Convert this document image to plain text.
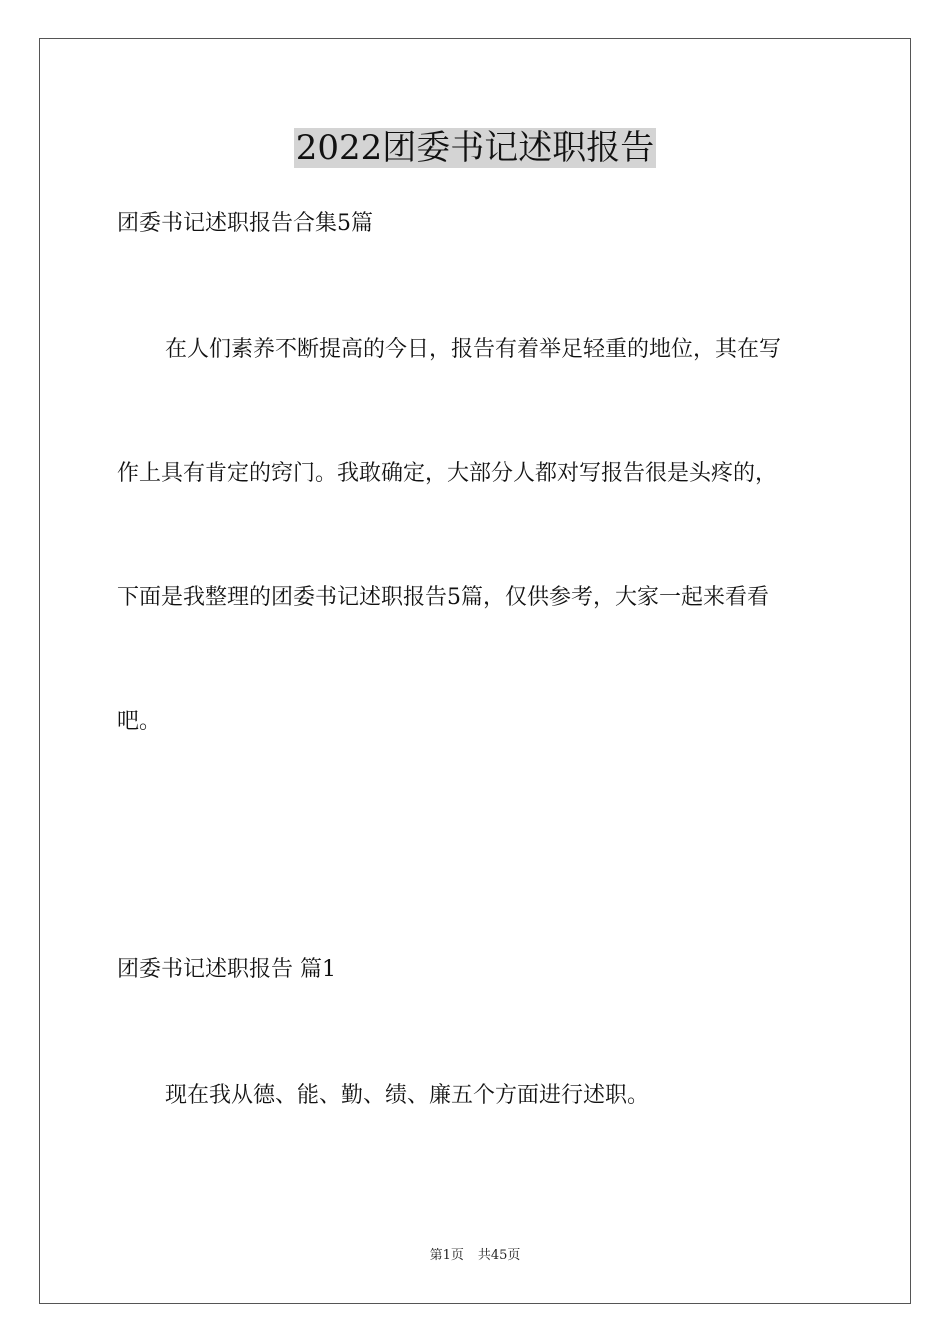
2022团委书记述职报告
团委书记述职报告合集5篇
在人们素养不断提高的今日，报告有着举足轻重的地位，其在写
作上具有肯定的窍门。我敢确定，大部分人都对写报告很是头疼的，
下面是我整理的团委书记述职报告5篇，仅供参考，大家一起来看看
吧。
团委书记述职报告 篇1
现在我从德、能、勤、绩、廉五个方面进行述职。
第1页 共45页
